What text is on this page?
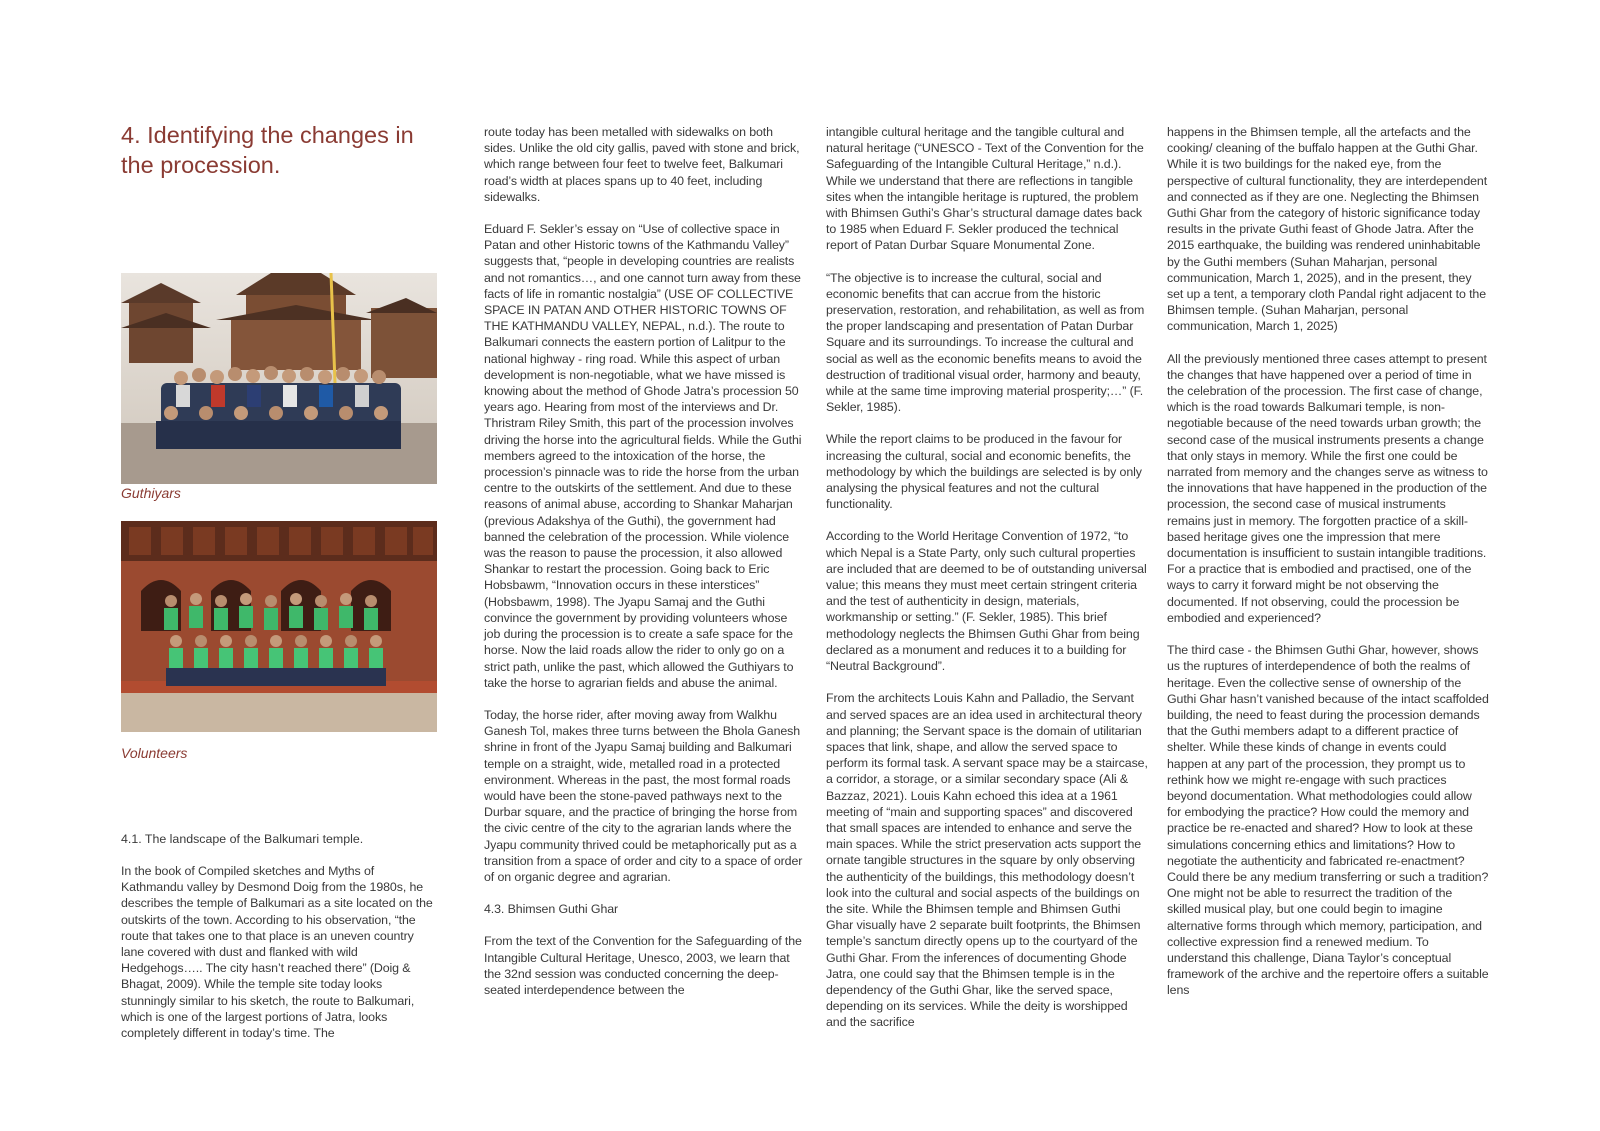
4. Identifying the changes in the procession.
Guthiyars
Volunteers
4.1. The landscape of the Balkumari temple.
In the book of Compiled sketches and Myths of Kathmandu valley by Desmond Doig from the 1980s, he describes the temple of Balkumari as a site located on the outskirts of the town. According to his observation, “the route that takes one to that place is an uneven country lane covered with dust and flanked with wild Hedgehogs….. The city hasn’t reached there” (Doig & Bhagat, 2009). While the temple site today looks stunningly similar to his sketch, the route to Balkumari, which is one of the largest portions of Jatra, looks completely different in today’s time. The

route today has been metalled with sidewalks on both sides. Unlike the old city gallis, paved with stone and brick, which range between four feet to twelve feet, Balkumari road’s width at places spans up to 40 feet, including sidewalks.

Eduard F. Sekler’s essay on “Use of collective space in Patan and other Historic towns of the Kathmandu Valley” suggests that, “people in developing countries are realists and not romantics…, and one cannot turn away from these facts of life in romantic nostalgia” (USE OF COLLECTIVE SPACE IN PATAN AND OTHER HISTORIC TOWNS OF THE KATHMANDU VALLEY, NEPAL, n.d.). The route to Balkumari connects the eastern portion of Lalitpur to the national highway - ring road. While this aspect of urban development is non-negotiable, what we have missed is knowing about the method of Ghode Jatra’s procession 50 years ago. Hearing from most of the interviews and Dr. Thristram Riley Smith, this part of the procession involves driving the horse into the agricultural fields. While the Guthi members agreed to the intoxication of the horse, the procession’s pinnacle was to ride the horse from the urban centre to the outskirts of the settlement. And due to these reasons of animal abuse, according to Shankar Maharjan (previous Adakshya of the Guthi), the government had banned the celebration of the procession. While violence was the reason to pause the procession, it also allowed Shankar to restart the procession. Going back to Eric Hobsbawm, “Innovation occurs in these interstices” (Hobsbawm, 1998). The Jyapu Samaj and the Guthi convince the government by providing volunteers whose job during the procession is to create a safe space for the horse. Now the laid roads allow the rider to only go on a strict path, unlike the past, which allowed the Guthiyars to take the horse to agrarian fields and abuse the animal.

Today, the horse rider, after moving away from Walkhu Ganesh Tol, makes three turns between the Bhola Ganesh shrine in front of the Jyapu Samaj building and Balkumari temple on a straight, wide, metalled road in a protected environment. Whereas in the past, the most formal roads would have been the stone-paved pathways next to the Durbar square, and the practice of bringing the horse from the civic centre of the city to the agrarian lands where the Jyapu community thrived could be metaphorically put as a transition from a space of order and city to a space of order of on organic degree and agrarian.

4.3. Bhimsen Guthi Ghar

From the text of the Convention for the Safeguarding of the Intangible Cultural Heritage, Unesco, 2003, we learn that the 32nd session was conducted concerning the deep-seated interdependence between the

intangible cultural heritage and the tangible cultural and natural heritage (“UNESCO - Text of the Convention for the Safeguarding of the Intangible Cultural Heritage,” n.d.). While we understand that there are reflections in tangible sites when the intangible heritage is ruptured, the problem with Bhimsen Guthi’s Ghar’s structural damage dates back to 1985 when Eduard F. Sekler produced the technical report of Patan Durbar Square Monumental Zone.

“The objective is to increase the cultural, social and economic benefits that can accrue from the historic preservation, restoration, and rehabilitation, as well as from the proper landscaping and presentation of Patan Durbar Square and its surroundings. To increase the cultural and social as well as the economic benefits means to avoid the destruction of traditional visual order, harmony and beauty, while at the same time improving material prosperity;…” (F. Sekler, 1985).

While the report claims to be produced in the favour for increasing the cultural, social and economic benefits, the methodology by which the buildings are selected is by only analysing the physical features and not the cultural functionality.

According to the World Heritage Convention of 1972, “to which Nepal is a State Party, only such cultural properties are included that are deemed to be of outstanding universal value; this means they must meet certain stringent criteria and the test of authenticity in design, materials, workmanship or setting.” (F. Sekler, 1985). This brief methodology neglects the Bhimsen Guthi Ghar from being declared as a monument and reduces it to a building for “Neutral Background”.

From the architects Louis Kahn and Palladio, the Servant and served spaces are an idea used in architectural theory and planning; the Servant space is the domain of utilitarian spaces that link, shape, and allow the served space to perform its formal task. A servant space may be a staircase, a corridor, a storage, or a similar secondary space (Ali & Bazzaz, 2021). Louis Kahn echoed this idea at a 1961 meeting of “main and supporting spaces” and discovered that small spaces are intended to enhance and serve the main spaces. While the strict preservation acts support the ornate tangible structures in the square by only observing the authenticity of the buildings, this methodology doesn’t look into the cultural and social aspects of the buildings on the site. While the Bhimsen temple and Bhimsen Guthi Ghar visually have 2 separate built footprints, the Bhimsen temple’s sanctum directly opens up to the courtyard of the Guthi Ghar. From the inferences of documenting Ghode Jatra, one could say that the Bhimsen temple is in the dependency of the Guthi Ghar, like the served space, depending on its services. While the deity is worshipped and the sacrifice

happens in the Bhimsen temple, all the artefacts and the cooking/ cleaning of the buffalo happen at the Guthi Ghar. While it is two buildings for the naked eye, from the perspective of cultural functionality, they are interdependent and connected as if they are one. Neglecting the Bhimsen Guthi Ghar from the category of historic significance today results in the private Guthi feast of Ghode Jatra. After the 2015 earthquake, the building was rendered uninhabitable by the Guthi members (Suhan Maharjan, personal communication, March 1, 2025), and in the present, they set up a tent, a temporary cloth Pandal right adjacent to the Bhimsen temple. (Suhan Maharjan, personal communication, March 1, 2025)

All the previously mentioned three cases attempt to present the changes that have happened over a period of time in the celebration of the procession. The first case of change, which is the road towards Balkumari temple, is non-negotiable because of the need towards urban growth; the second case of the musical instruments presents a change that only stays in memory. While the first one could be narrated from memory and the changes serve as witness to the innovations that have happened in the production of the procession, the second case of musical instruments remains just in memory. The forgotten practice of a skill-based heritage gives one the impression that mere documentation is insufficient to sustain intangible traditions. For a practice that is embodied and practised, one of the ways to carry it forward might be not observing the documented. If not observing, could the procession be embodied and experienced?

The third case - the Bhimsen Guthi Ghar, however, shows us the ruptures of interdependence of both the realms of heritage. Even the collective sense of ownership of the Guthi Ghar hasn’t vanished because of the intact scaffolded building, the need to feast during the procession demands that the Guthi members adapt to a different practice of shelter. While these kinds of change in events could happen at any part of the procession, they prompt us to rethink how we might re-engage with such practices beyond documentation. What methodologies could allow for embodying the practice? How could the memory and practice be re-enacted and shared? How to look at these simulations concerning ethics and limitations? How to negotiate the authenticity and fabricated re-enactment? Could there be any medium transferring or such a tradition? One might not be able to resurrect the tradition of the skilled musical play, but one could begin to imagine alternative forms through which memory, participation, and collective expression find a renewed medium. To understand this challenge, Diana Taylor’s conceptual framework of the archive and the repertoire offers a suitable lens
